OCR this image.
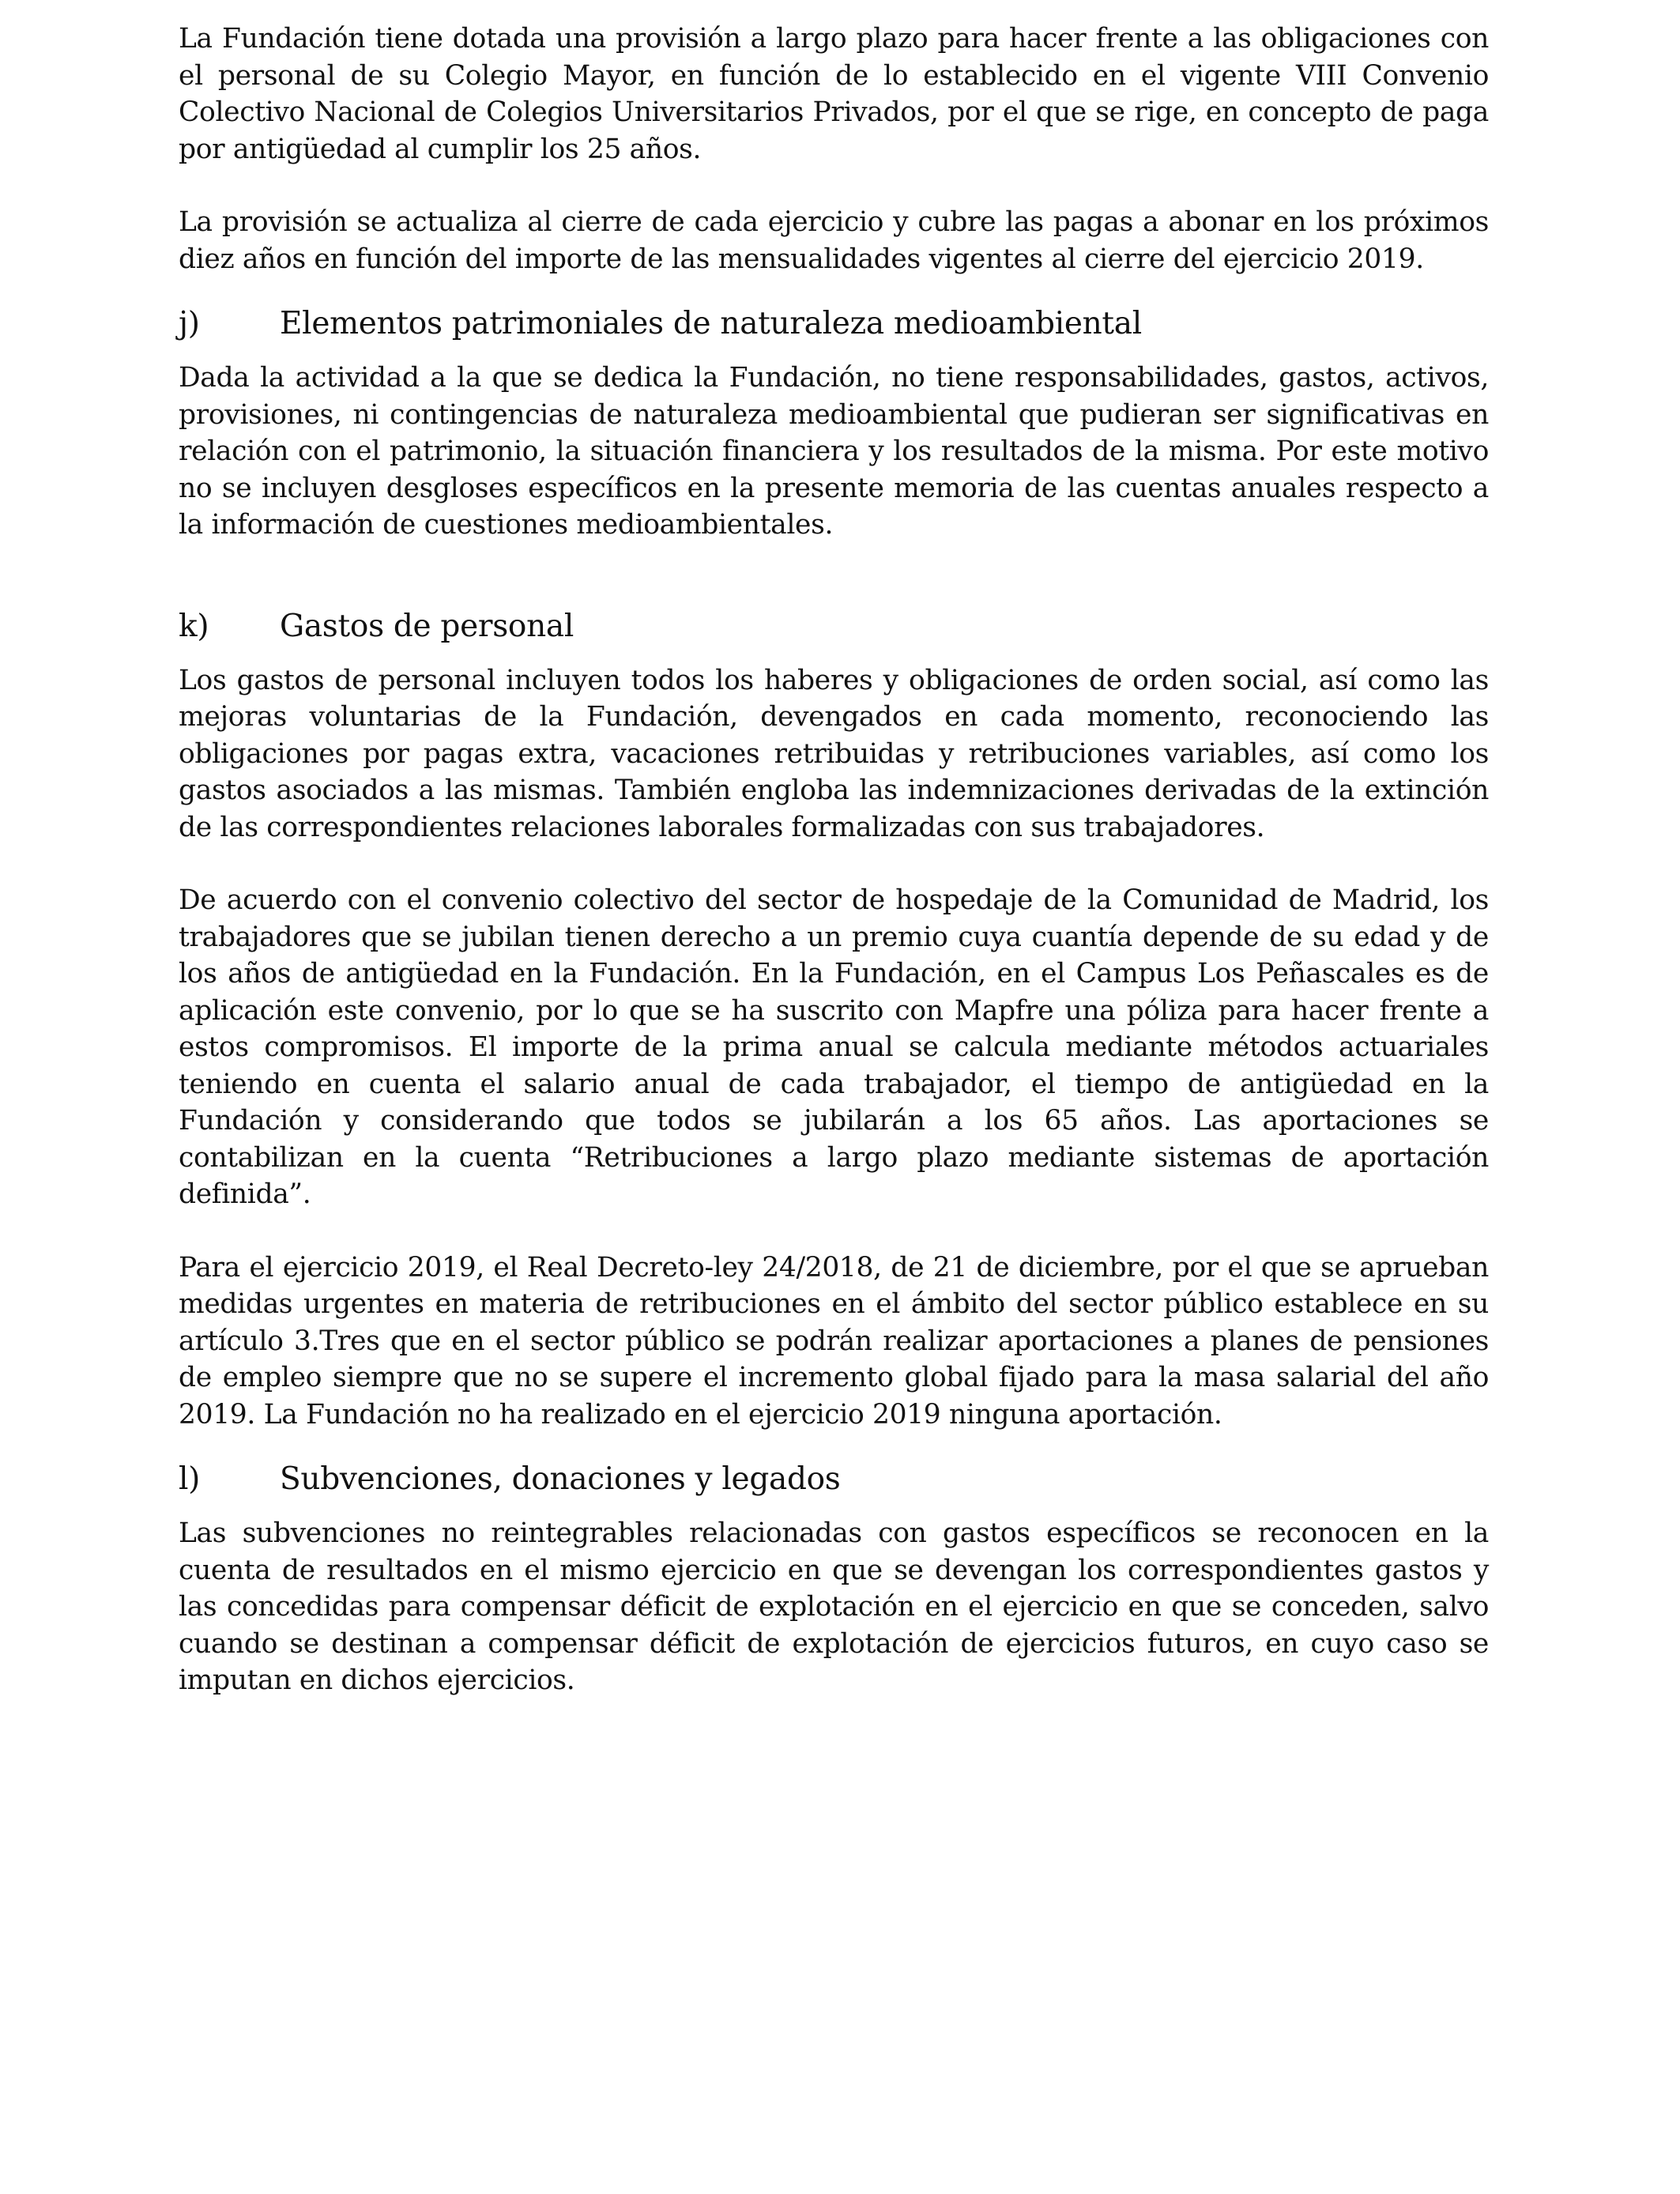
La Fundación tiene dotada una provisión a largo plazo para hacer frente a las obligaciones con el personal de su Colegio Mayor, en función de lo establecido en el vigente VIII Convenio Colectivo Nacional de Colegios Universitarios Privados, por el que se rige, en concepto de paga por antigüedad al cumplir los 25 años.

La provisión se actualiza al cierre de cada ejercicio y cubre las pagas a abonar en los próximos diez años en función del importe de las mensualidades vigentes al cierre del ejercicio 2019.

j)	Elementos patrimoniales de naturaleza medioambiental

Dada la actividad a la que se dedica la Fundación, no tiene responsabilidades, gastos, activos, provisiones, ni contingencias de naturaleza medioambiental que pudieran ser significativas en relación con el patrimonio, la situación financiera y los resultados de la misma. Por este motivo no se incluyen desgloses específicos en la presente memoria de las cuentas anuales respecto a la información de cuestiones medioambientales.

k)	Gastos de personal

Los gastos de personal incluyen todos los haberes y obligaciones de orden social, así como las mejoras voluntarias de la Fundación, devengados en cada momento, reconociendo las obligaciones por pagas extra, vacaciones retribuidas y retribuciones variables, así como los gastos asociados a las mismas. También engloba las indemnizaciones derivadas de la extinción de las correspondientes relaciones laborales formalizadas con sus trabajadores.

De acuerdo con el convenio colectivo del sector de hospedaje de la Comunidad de Madrid, los trabajadores que se jubilan tienen derecho a un premio cuya cuantía depende de su edad y de los años de antigüedad en la Fundación. En la Fundación, en el Campus Los Peñascales es de aplicación este convenio, por lo que se ha suscrito con Mapfre una póliza para hacer frente a estos compromisos. El importe de la prima anual se calcula mediante métodos actuariales teniendo en cuenta el salario anual de cada trabajador, el tiempo de antigüedad en la Fundación y considerando que todos se jubilarán a los 65 años. Las aportaciones se contabilizan en la cuenta “Retribuciones a largo plazo mediante sistemas de aportación definida”.

Para el ejercicio 2019, el Real Decreto-ley 24/2018, de 21 de diciembre, por el que se aprueban medidas urgentes en materia de retribuciones en el ámbito del sector público establece en su artículo 3.Tres que en el sector público se podrán realizar aportaciones a planes de pensiones de empleo siempre que no se supere el incremento global fijado para la masa salarial del año 2019. La Fundación no ha realizado en el ejercicio 2019 ninguna aportación.

l)	Subvenciones, donaciones y legados

Las subvenciones no reintegrables relacionadas con gastos específicos se reconocen en la cuenta de resultados en el mismo ejercicio en que se devengan los correspondientes gastos y las concedidas para compensar déficit de explotación en el ejercicio en que se conceden, salvo cuando se destinan a compensar déficit de explotación de ejercicios futuros, en cuyo caso se imputan en dichos ejercicios.
